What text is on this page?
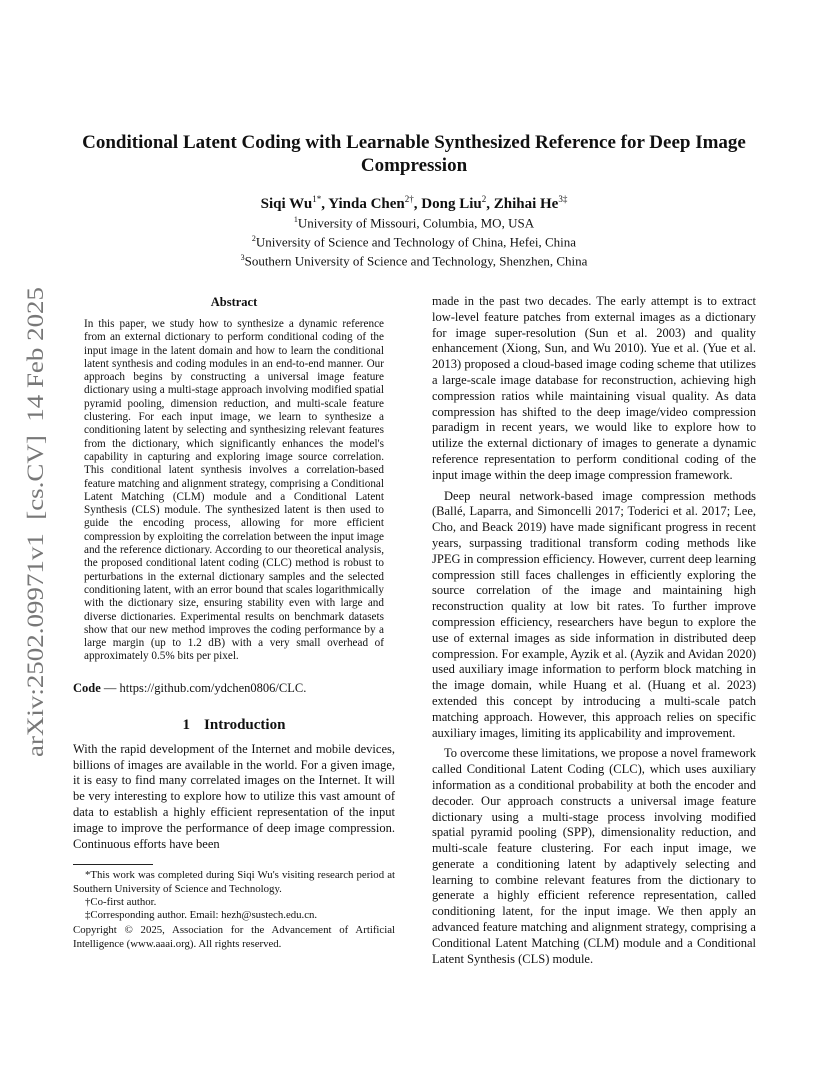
arXiv:2502.09971v1  [cs.CV]  14 Feb 2025
Conditional Latent Coding with Learnable Synthesized Reference for Deep Image
Compression
Siqi $Wu^{1*}$, Yinda Chen$^{2\dagger}$, Dong Liu$^2$, Zhihai $He^{3\ddagger}$
$^1$University of Missouri, Columbia, MO, USA
$^2$University of Science and Technology of China, Hefei, China
$^3$Southern University of Science and Technology, Shenzhen, China
Abstract
In this paper, we study how to synthesize a dynamic reference from an external dictionary to perform conditional coding of the input image in the latent domain and how to learn the conditional latent synthesis and coding modules in an end-to-end manner. Our approach begins by constructing a universal image feature dictionary using a multi-stage approach involving modified spatial pyramid pooling, dimension reduction, and multi-scale feature clustering. For each input image, we learn to synthesize a conditioning latent by selecting and synthesizing relevant features from the dictionary, which significantly enhances the model's capability in capturing and exploring image source correlation. This conditional latent synthesis involves a correlation-based feature matching and alignment strategy, comprising a Conditional Latent Matching (CLM) module and a Conditional Latent Synthesis (CLS) module. The synthesized latent is then used to guide the encoding process, allowing for more efficient compression by exploiting the correlation between the input image and the reference dictionary. According to our theoretical analysis, the proposed conditional latent coding (CLC) method is robust to perturbations in the external dictionary samples and the selected conditioning latent, with an error bound that scales logarithmically with the dictionary size, ensuring stability even with large and diverse dictionaries. Experimental results on benchmark datasets show that our new method improves the coding performance by a large margin (up to 1.2 dB) with a very small overhead of approximately 0.5% bits per pixel.
Code — https://github.com/ydchen0806/CLC.
1 Introduction

With the rapid development of the Internet and mobile devices, billions of images are available in the world. For a given image, it is easy to find many correlated images on the Internet. It will be very interesting to explore how to utilize this vast amount of data to establish a highly efficient representation of the input image to improve the performance of deep image compression. Continuous efforts have been

*This work was completed during Siqi Wu's visiting research period at Southern University of Science and Technology.
†Co-first author.
‡Corresponding author. Email: hezh@sustech.edu.cn.
Copyright © 2025, Association for the Advancement of Artificial Intelligence (www.aaai.org). All rights reserved.

made in the past two decades. The early attempt is to extract low-level feature patches from external images as a dictionary for image super-resolution (Sun et al. 2003) and quality enhancement (Xiong, Sun, and Wu 2010). Yue et al. (Yue et al. 2013) proposed a cloud-based image coding scheme that utilizes a large-scale image database for reconstruction, achieving high compression ratios while maintaining visual quality. As data compression has shifted to the deep image/video compression paradigm in recent years, we would like to explore how to utilize the external dictionary of images to generate a dynamic reference representation to perform conditional coding of the input image within the deep image compression framework.

Deep neural network-based image compression methods (Ballé, Laparra, and Simoncelli 2017; Toderici et al. 2017; Lee, Cho, and Beack 2019) have made significant progress in recent years, surpassing traditional transform coding methods like JPEG in compression efficiency. However, current deep learning compression still faces challenges in efficiently exploring the source correlation of the image and maintaining high reconstruction quality at low bit rates. To further improve compression efficiency, researchers have begun to explore the use of external images as side information in distributed deep compression. For example, Ayzik et al. (Ayzik and Avidan 2020) used auxiliary image information to perform block matching in the image domain, while Huang et al. (Huang et al. 2023) extended this concept by introducing a multi-scale patch matching approach. However, this approach relies on specific auxiliary images, limiting its applicability and improvement.

To overcome these limitations, we propose a novel framework called Conditional Latent Coding (CLC), which uses auxiliary information as a conditional probability at both the encoder and decoder. Our approach constructs a universal image feature dictionary using a multi-stage process involving modified spatial pyramid pooling (SPP), dimensionality reduction, and multi-scale feature clustering. For each input image, we generate a conditioning latent by adaptively selecting and learning to combine relevant features from the dictionary to generate a highly efficient reference representation, called conditioning latent, for the input image. We then apply an advanced feature matching and alignment strategy, comprising a Conditional Latent Matching (CLM) module and a Conditional Latent Synthesis (CLS) module.
